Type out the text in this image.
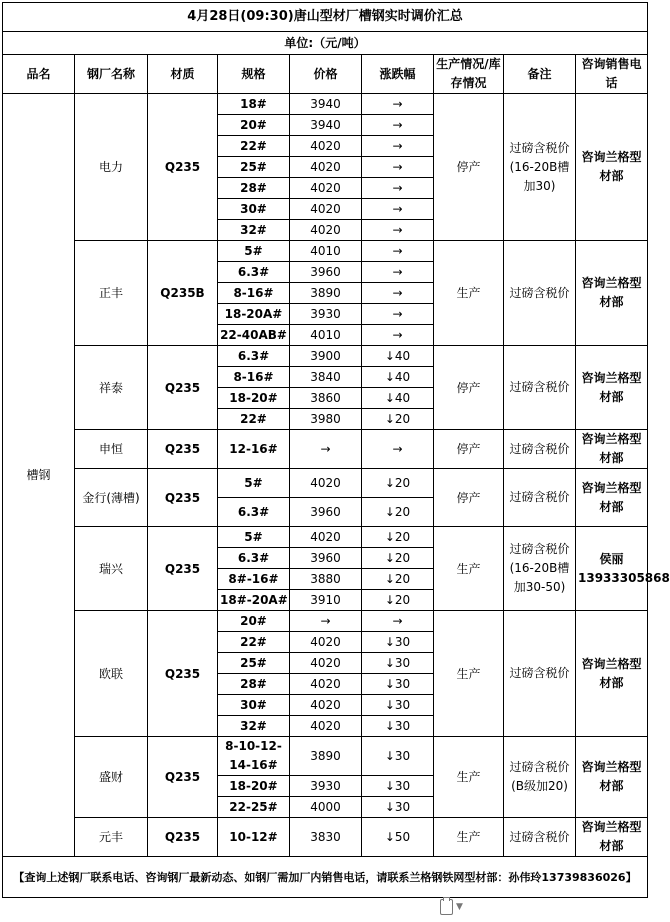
4月28日(09:30)唐山型材厂槽钢实时调价汇总								
单位:（元/吨）								
品名	钢厂名称	材质	规格	价格	涨跌幅	生产情况/库存情况	备注	咨询销售电话
槽钢	电力	Q235	18#	3940	→	停产	过磅含税价(16-20B槽加30)	咨询兰格型材部
			20#	3940	→			
			22#	4020	→			
			25#	4020	→			
			28#	4020	→			
			30#	4020	→			
			32#	4020	→			
	正丰	Q235B	5#	4010	→	生产	过磅含税价	咨询兰格型材部
			6.3#	3960	→			
			8-16#	3890	→			
			18-20A#	3930	→			
			22-40AB#	4010	→			
	祥泰	Q235	6.3#	3900	↓40	停产	过磅含税价	咨询兰格型材部
			8-16#	3840	↓40			
			18-20#	3860	↓40			
			22#	3980	↓20			
	申恒	Q235	12-16#	→	→	停产	过磅含税价	咨询兰格型材部
	金行(薄槽)	Q235	5#	4020	↓20	停产	过磅含税价	咨询兰格型材部
			6.3#	3960	↓20			
	瑞兴	Q235	5#	4020	↓20	生产	过磅含税价(16-20B槽加30-50)	侯丽13933305868
			6.3#	3960	↓20			
			8#-16#	3880	↓20			
			18#-20A#	3910	↓20			
	欧联	Q235	20#	→	→	生产	过磅含税价	咨询兰格型材部
			22#	4020	↓30			
			25#	4020	↓30			
			28#	4020	↓30			
			30#	4020	↓30			
			32#	4020	↓30			
	盛财	Q235	8-10-12-14-16#	3890	↓30	生产	过磅含税价(B级加20)	咨询兰格型材部
			18-20#	3930	↓30			
			22-25#	4000	↓30			
	元丰	Q235	10-12#	3830	↓50	生产	过磅含税价	咨询兰格型材部
【查询上述钢厂联系电话、咨询钢厂最新动态、如钢厂需加厂内销售电话，请联系兰格钢铁网型材部：孙伟玲13739836026】								
▼
